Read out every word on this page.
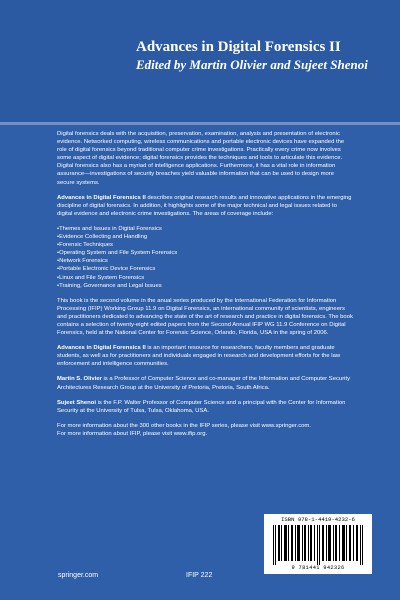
Advances in Digital Forensics II
Edited by Martin Olivier and Sujeet Shenoi

Digital forensics deals with the acquisition, preservation, examination, analysis and presentation of electronic evidence. Networked computing, wireless communications and portable electronic devices have expanded the role of digital forensics beyond traditional computer crime investigations. Practically every crime now involves some aspect of digital evidence; digital forensics provides the techniques and tools to articulate this evidence. Digital forensics also has a myriad of intelligence applications. Furthermore, it has a vital role in information assurance—investigations of security breaches yield valuable information that can be used to design more secure systems.

Advances in Digital Forensics II describes original research results and innovative applications in the emerging discipline of digital forensics. In addition, it highlights some of the major technical and legal issues related to digital evidence and electronic crime investigations. The areas of coverage include:

• Themes and Issues in Digital Forensics
• Evidence Collecting and Handling
• Forensic Techniques
• Operating System and File System Forensics
• Network Forensics
• Portable Electronic Device Forensics
• Linux and File System Forensics
• Training, Governance and Legal Issues

This book is the second volume in the anual series produced by the International Federation for Information Processing (IFIP) Working Group 11.9 on Digital Forensics, an international community of scientists, engineers and practitioners dedicated to advancing the state of the art of research and practice in digital forensics. The book contains a selection of twenty-eight edited papers from the Second Annual IFIP WG 11.9 Conference on Digital Forensics, held at the National Center for Forensic Science, Orlando, Florida, USA in the spring of 2006.

Advances in Digital Forensics II is an important resource for researchers, faculty members and graduate students, as well as for practitioners and individuals engaged in research and development efforts for the law enforcement and intelligence communities.

Martin S. Olivier is a Professor of Computer Science and co-manager of the Information and Computer Security Architectures Research Group at the University of Pretoria, Pretoria, South Africa.

Sujeet Shenoi is the F.P. Walter Professor of Computer Science and a principal with the Center for Information Security at the University of Tulsa, Tulsa, Oklahoma, USA.

For more information about the 300 other books in the IFIP series, please visit www.springer.com.
For more information about IFIP, please visit www.ifip.org.

ISBN 978-1-4419-4232-6
9 781441 942326
springer.com	IFIP 222
